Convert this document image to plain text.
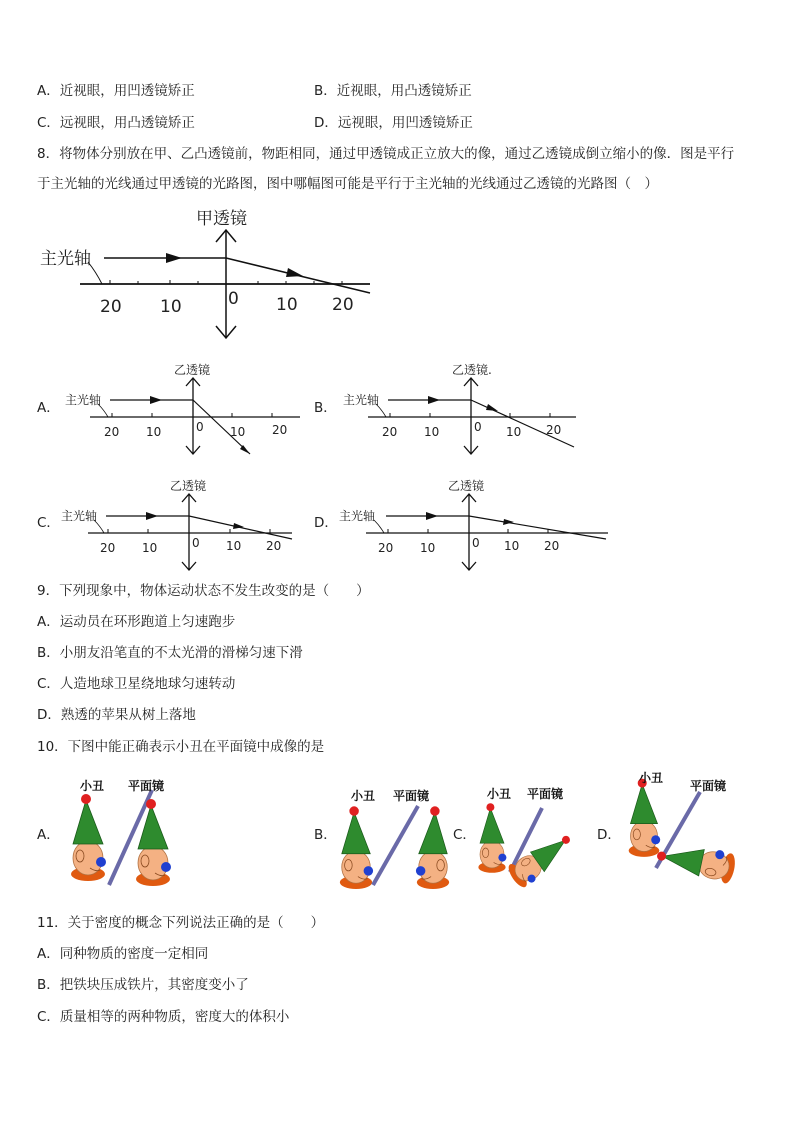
A．近视眼，用凹透镜矫正	B．近视眼，用凸透镜矫正
C．远视眼，用凸透镜矫正	D．远视眼，用凹透镜矫正
8．将物体分别放在甲、乙凸透镜前，物距相同，通过甲透镜成正立放大的像，通过乙透镜成倒立缩小的像．图是平行
于主光轴的光线通过甲透镜的光路图，图中哪幅图可能是平行于主光轴的光线通过乙透镜的光路图（　）
主光轴
甲透镜
20 10	0 10 20
A． 主光轴
乙透镜
20 10	0 10 20
B． 主光轴
乙透镜.
20 10	0 10 20
C． 主光轴
乙透镜
20 10	0 10 20
D． 主光轴
乙透镜
20 10	0 10 20
9．下列现象中，物体运动状态不发生改变的是（　　）
A．运动员在环形跑道上匀速跑步
B．小朋友沿笔直的不太光滑的滑梯匀速下滑
C．人造地球卫星绕地球匀速转动
D．熟透的苹果从树上落地
10．下图中能正确表示小丑在平面镜中成像的是
A．	B．	C．	D．
小丑 平面镜
小丑 平面镜	小丑 平面镜
小丑
平面镜
11．关于密度的概念下列说法正确的是（　　）
A．同种物质的密度一定相同
B．把铁块压成铁片，其密度变小了
C．质量相等的两种物质，密度大的体积小
